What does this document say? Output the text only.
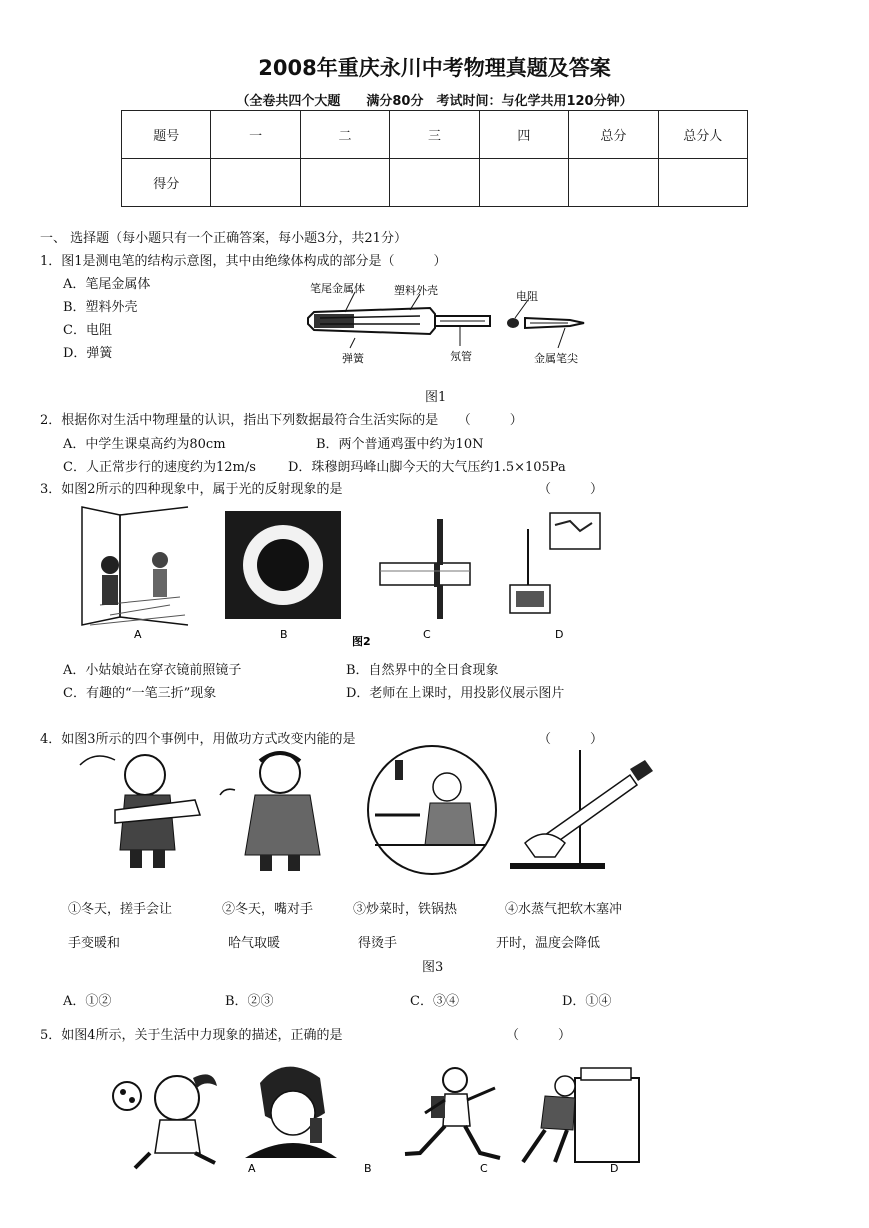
2008年重庆永川中考物理真题及答案
（全卷共四个大题　　满分80分　考试时间：与化学共用120分钟）
题号	一	二	三	四	总分	总分人
得分						
一、 选择题（每小题只有一个正确答案，每小题3分，共21分）
1．图1是测电笔的结构示意图，其中由绝缘体构成的部分是（　　　）
A．笔尾金属体
B．塑料外壳
C．电阻
D．弹簧
笔尾金属体	塑料外壳	电阻
弹簧	氖管	金属笔尖
图1
2．根据你对生活中物理量的认识，指出下列数据最符合生活实际的是　　（　　　）
A．中学生课桌高约为80cm	B．两个普通鸡蛋中约为10N
C．人正常步行的速度约为12m/s D．珠穆朗玛峰山脚今天的大气压约1.5×105Pa
3．如图2所示的四种现象中，属于光的反射现象的是	（　　　）
A	B
图2
C	D
A．小姑娘站在穿衣镜前照镜子	B．自然界中的全日食现象
C．有趣的“一笔三折”现象	D．老师在上课时，用投影仪展示图片
4．如图3所示的四个事例中，用做功方式改变内能的是	（　　　）
①冬天，搓手会让
手变暖和
②冬天，嘴对手
哈气取暖
③炒菜时，铁锅热
得烫手
④水蒸气把软木塞冲
开时，温度会降低
图3
A．①②	B．②③	C．③④	D．①④
5．如图4所示，关于生活中力现象的描述，正确的是	（　　　）
A	B	C	D
